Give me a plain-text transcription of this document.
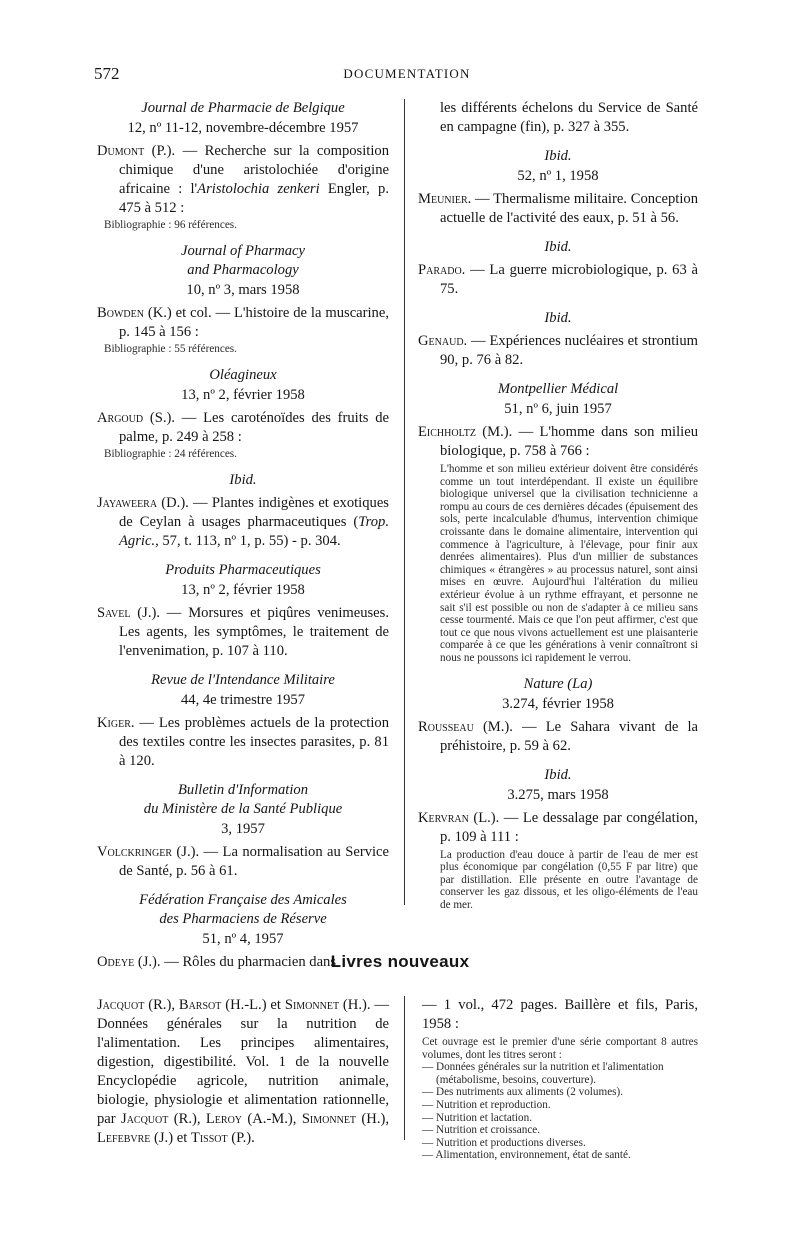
572	DOCUMENTATION

Journal de Pharmacie de Belgique

12, nº 11-12, novembre-décembre 1957

Dumont (P.). — Recherche sur la composition chimique d'une aristolochiée d'origine africaine : l'Aristolochia zenkeri Engler, p. 475 à 512 :

Bibliographie : 96 références.

Journal of Pharmacy

and Pharmacology

10, nº 3, mars 1958

Bowden (K.) et col. — L'histoire de la muscarine, p. 145 à 156 :

Bibliographie : 55 références.

Oléagineux

13, nº 2, février 1958

Argoud (S.). — Les caroténoïdes des fruits de palme, p. 249 à 258 :

Bibliographie : 24 références.

Ibid.

Jayaweera (D.). — Plantes indigènes et exotiques de Ceylan à usages pharmaceutiques (Trop. Agric., 57, t. 113, nº 1, p. 55) - p. 304.

Produits Pharmaceutiques

13, nº 2, février 1958

Savel (J.). — Morsures et piqûres venimeuses. Les agents, les symptômes, le traitement de l'envenimation, p. 107 à 110.

Revue de l'Intendance Militaire

44, 4e trimestre 1957

Kiger. — Les problèmes actuels de la protection des textiles contre les insectes parasites, p. 81 à 120.

Bulletin d'Information

du Ministère de la Santé Publique

3, 1957

Volckringer (J.). — La normalisation au Service de Santé, p. 56 à 61.

Fédération Française des Amicales

des Pharmaciens de Réserve

51, nº 4, 1957

Odeye (J.). — Rôles du pharmacien dans

les différents échelons du Service de Santé en campagne (fin), p. 327 à 355.

Ibid.

52, nº 1, 1958

Meunier. — Thermalisme militaire. Conception actuelle de l'activité des eaux, p. 51 à 56.

Ibid.

Parado. — La guerre microbiologique, p. 63 à 75.

Ibid.

Genaud. — Expériences nucléaires et strontium 90, p. 76 à 82.

Montpellier Médical

51, nº 6, juin 1957

Eichholtz (M.). — L'homme dans son milieu biologique, p. 758 à 766 :

L'homme et son milieu extérieur doivent être considérés comme un tout interdépendant. Il existe un équilibre biologique universel que la civilisation technicienne a rompu au cours de ces dernières décades (épuisement des sols, perte incalculable d'humus, intervention chimique croissante dans le domaine alimentaire, intervention qui commence à l'agriculture, à l'élevage, pour finir aux denrées alimentaires). Plus d'un millier de substances chimiques « étrangères » au processus naturel, sont ainsi mises en œuvre. Aujourd'hui l'altération du milieu extérieur évolue à un rythme effrayant, et personne ne sait s'il est possible ou non de s'adapter à ce milieu sans cesse tourmenté. Mais ce que l'on peut affirmer, c'est que tout ce que nous vivons actuellement est une plaisanterie comparée à ce que les générations à venir connaîtront si nous ne poussons ici rapidement le verrou.

Nature (La)

3.274, février 1958

Rousseau (M.). — Le Sahara vivant de la préhistoire, p. 59 à 62.

Ibid.

3.275, mars 1958

Kervran (L.). — Le dessalage par congélation, p. 109 à 111 :

La production d'eau douce à partir de l'eau de mer est plus économique par congélation (0,55 F par litre) que par distillation. Elle présente en outre l'avantage de conserver les gaz dissous, et les oligo-éléments de l'eau de mer.

Livres nouveaux

Jacquot (R.), Barsot (H.-L.) et Simonnet (H.). — Données générales sur la nutrition de l'alimentation. Les principes alimentaires, digestion, digestibilité. Vol. 1 de la nouvelle Encyclopédie agricole, nutrition animale, biologie, physiologie et alimentation rationnelle, par Jacquot (R.), Leroy (A.-M.), Simonnet (H.), Lefebvre (J.) et Tissot (P.).

— 1 vol., 472 pages. Baillère et fils, Paris, 1958 :

Cet ouvrage est le premier d'une série comportant 8 autres volumes, dont les titres seront :

— Données générales sur la nutrition et l'alimentation (métabolisme, besoins, couverture).
— Des nutriments aux aliments (2 volumes).
— Nutrition et reproduction.
— Nutrition et lactation.
— Nutrition et croissance.
— Nutrition et productions diverses.
— Alimentation, environnement, état de santé.
